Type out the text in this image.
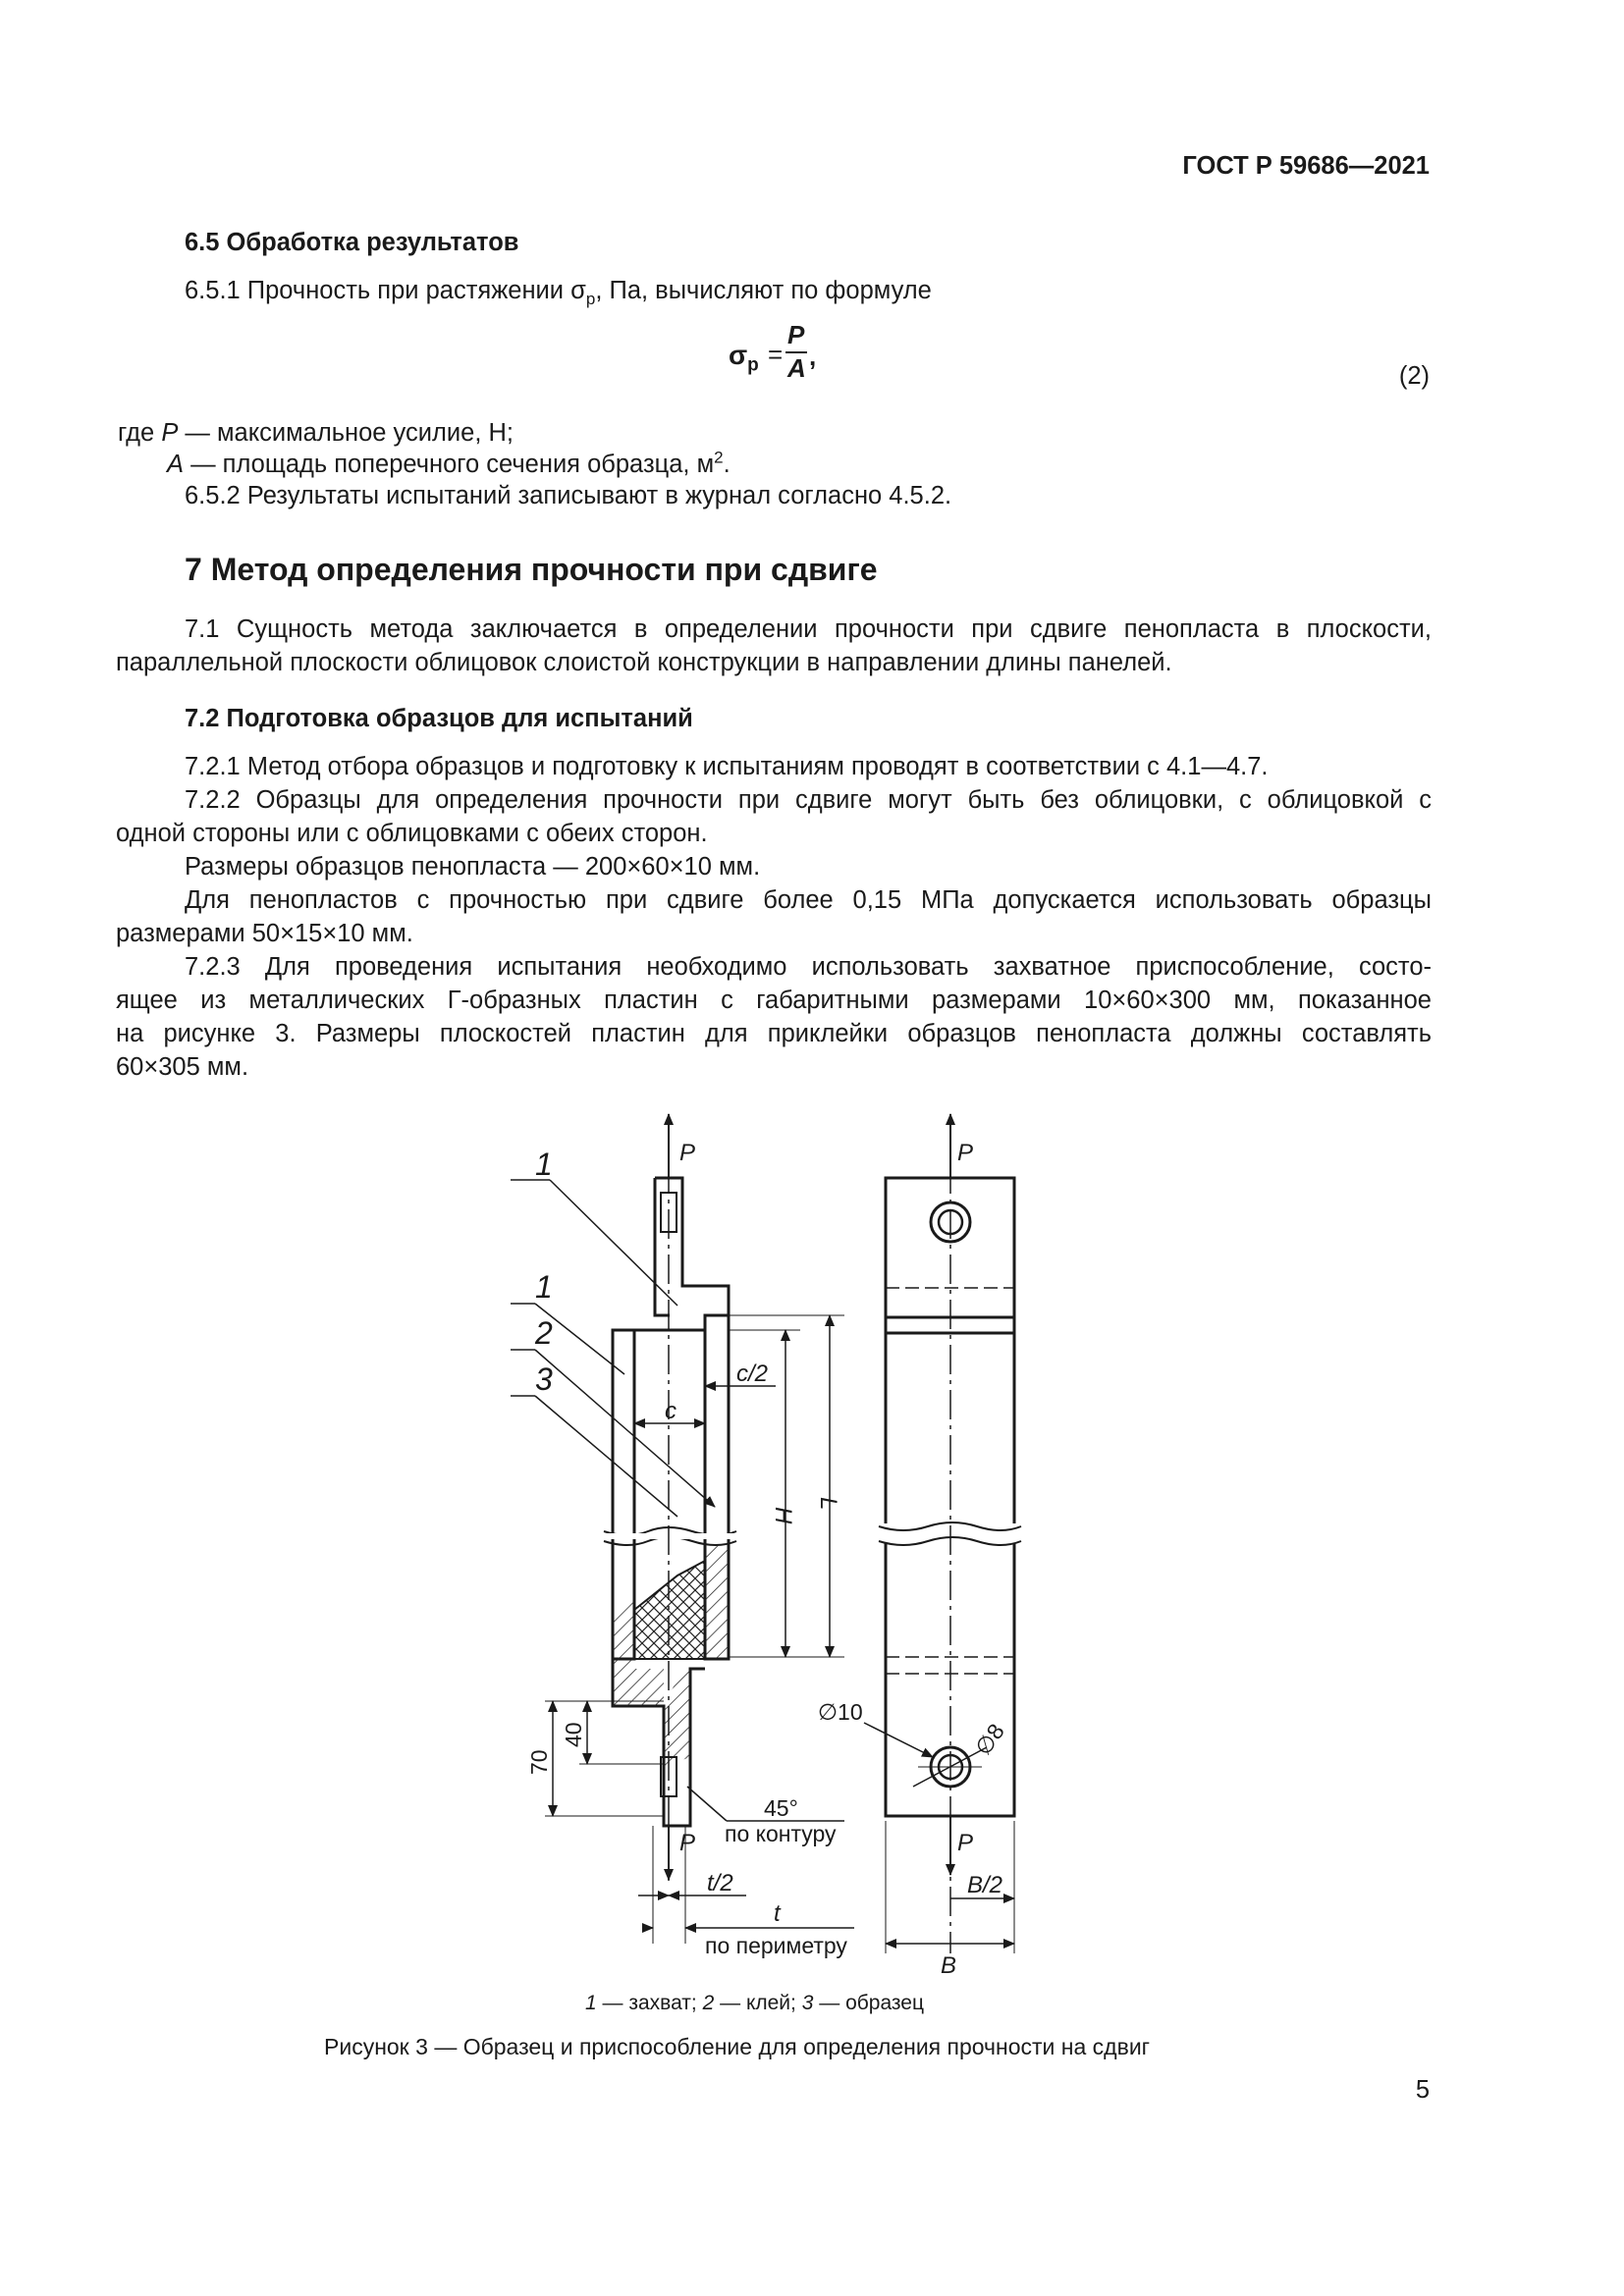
ГОСТ Р 59686—2021
6.5 Обработка результатов
6.5.1 Прочность при растяжении $\sigma_р$, Па, вычисляют по формуле
$\sigma_р$ =
P
A ,
(2)
где P — максимальное усилие, Н;
A — площадь поперечного сечения образца, $м^2$.
6.5.2 Результаты испытаний записывают в журнал согласно 4.5.2.
7 Метод определения прочности при сдвиге
7.1 Сущность метода заключается в определении прочности при сдвиге пенопласта в плоскости,
параллельной плоскости облицовок слоистой конструкции в направлении длины панелей.
7.2 Подготовка образцов для испытаний
7.2.1 Метод отбора образцов и подготовку к испытаниям проводят в соответствии с 4.1—4.7.
7.2.2 Образцы для определения прочности при сдвиге могут быть без облицовки, с облицовкой с
одной стороны или с облицовками с обеих сторон.
Размеры образцов пенопласта — 200×60×10 мм.
Для пенопластов с прочностью при сдвиге более 0,15 МПа допускается использовать образцы
размерами 50×15×10 мм.
7.2.3 Для проведения испытания необходимо использовать захватное приспособление, состо-
ящее из металлических Г-образных пластин с габаритными размерами 10×60×300 мм, показанное
на рисунке 3. Размеры плоскостей пластин для приклейки образцов пенопласта должны составлять
60×305 мм.
P
1
1
2
3	c/2
c
H
L
P
t/2
t
P
P
B/2
B
70
40
45°
по контуру
по периметру
∅10
∅8
1 — захват; 2 — клей; 3 — образец
Рисунок 3 — Образец и приспособление для определения прочности на сдвиг
5
